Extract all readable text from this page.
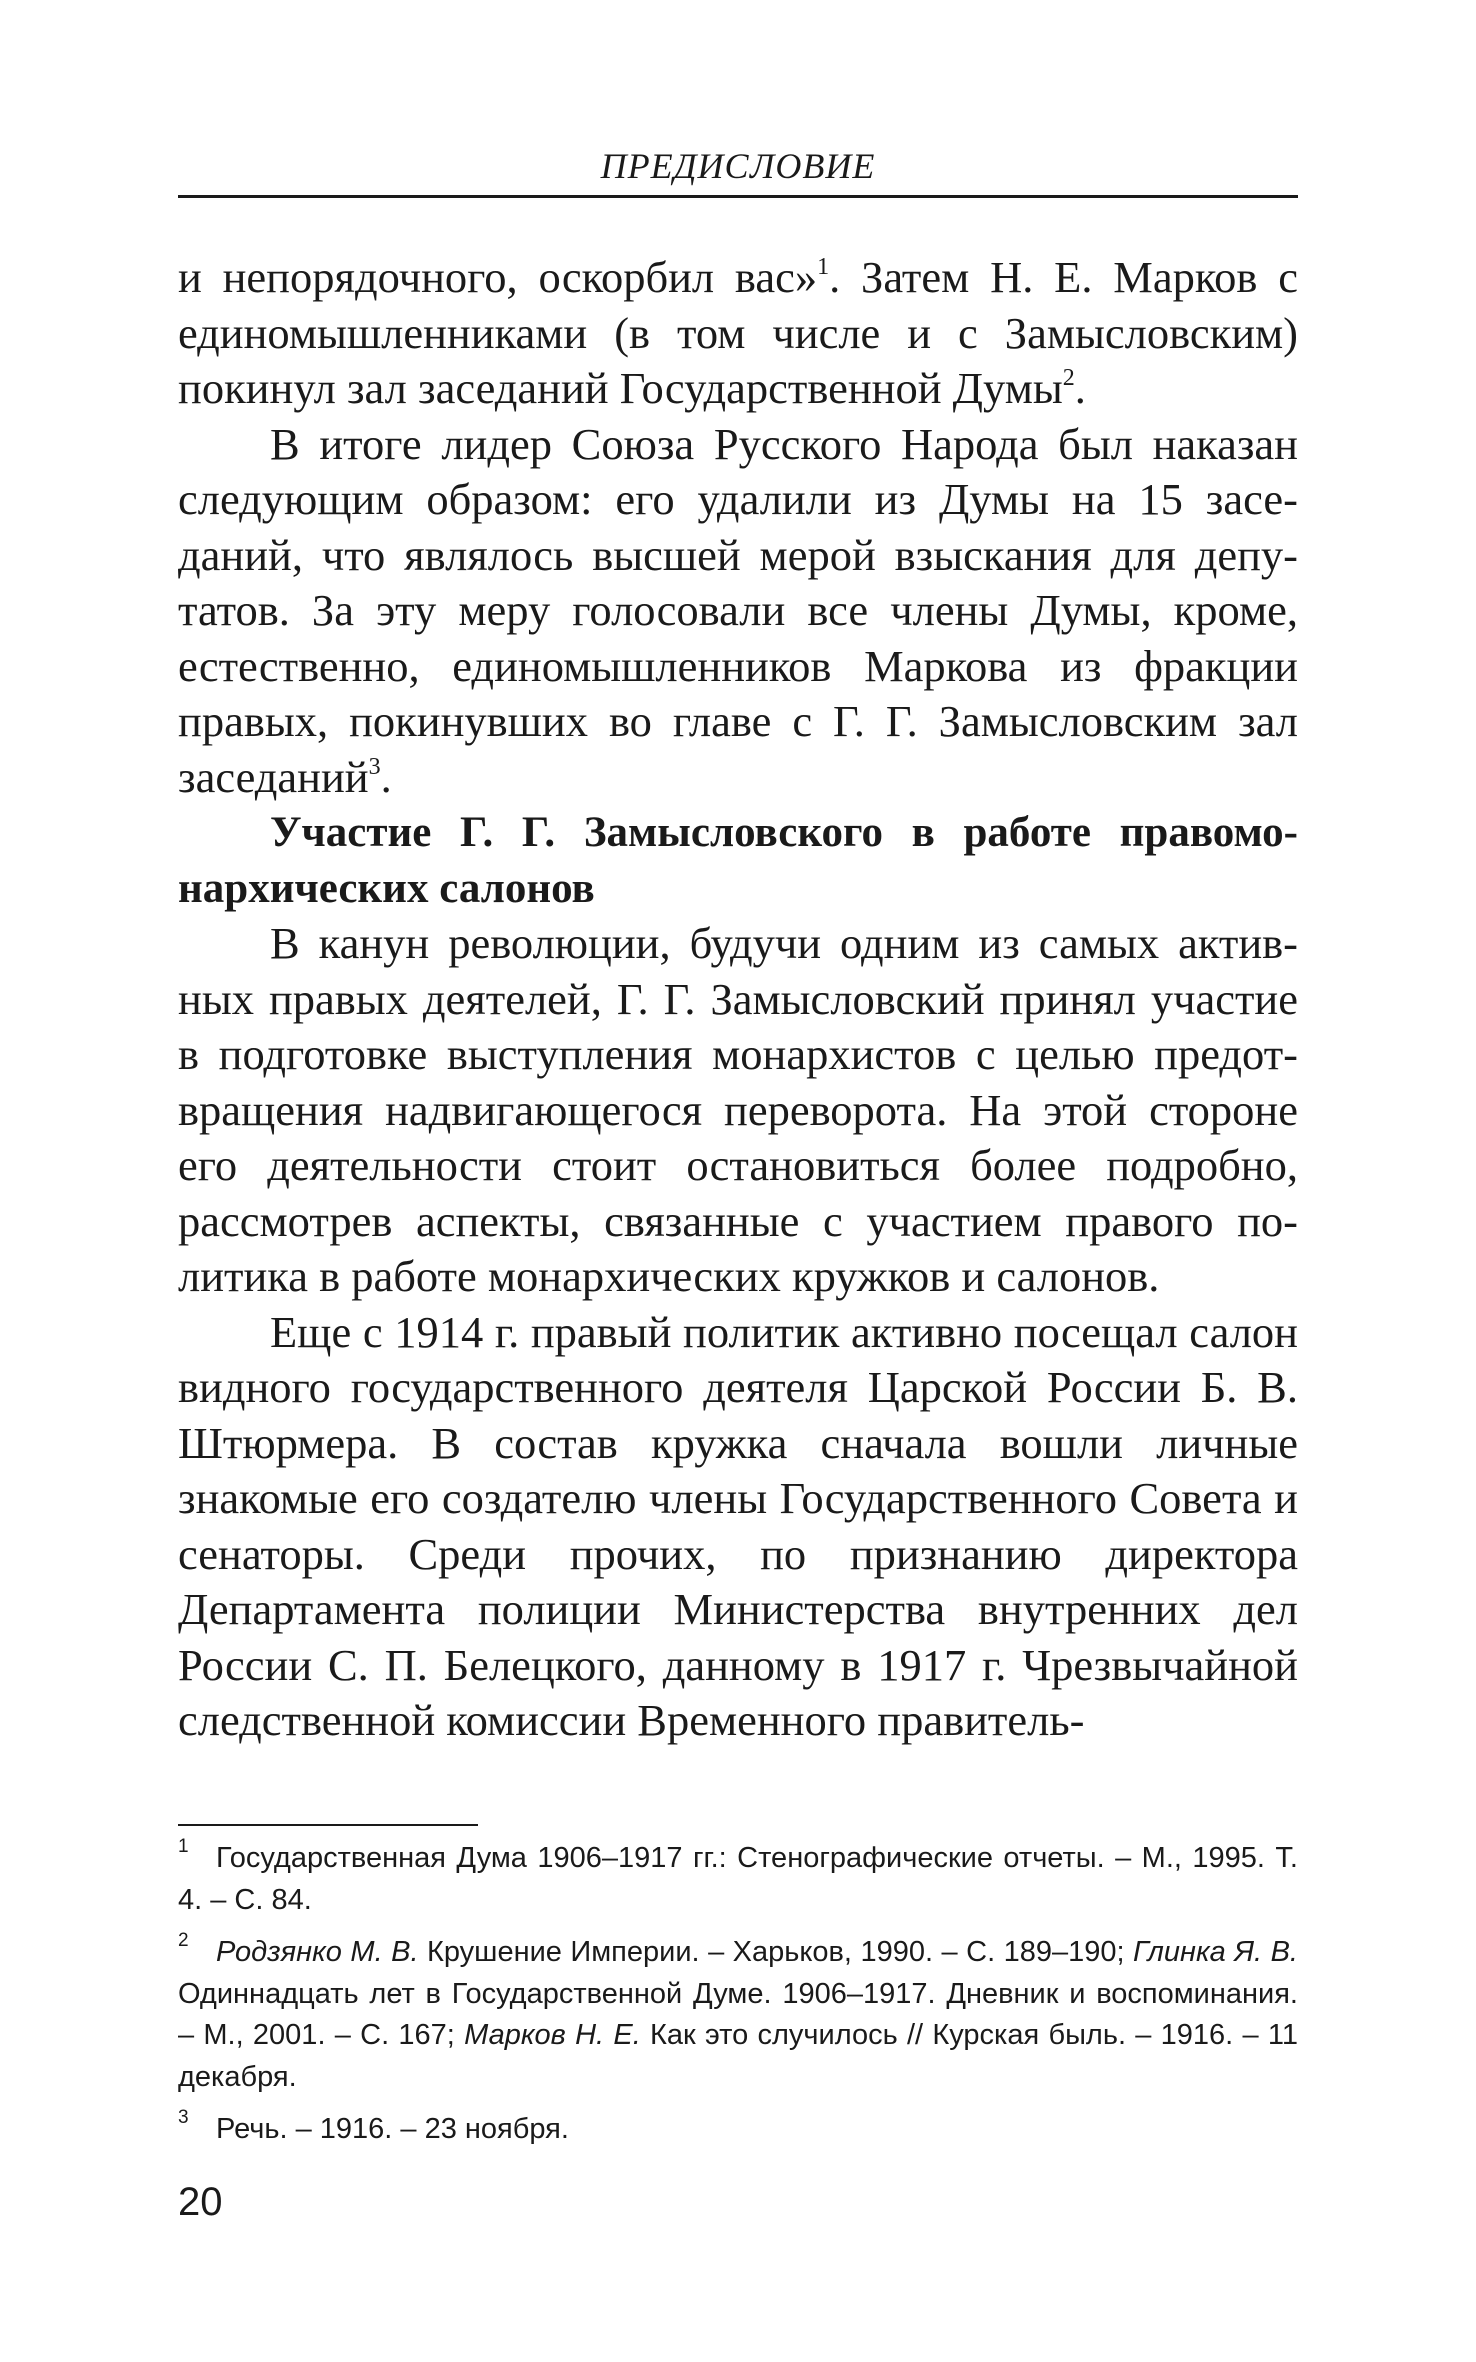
ПРЕДИСЛОВИЕ

и непорядочного, оскорбил вас»$^1$. Затем Н. Е. Марков с единомышленниками (в том числе и с Замысловским) покинул зал заседаний Государственной Думы$^2$.

В итоге лидер Союза Русского Народа был наказан следующим образом: его удалили из Думы на 15 заседаний, что являлось высшей мерой взыскания для депутатов. За эту меру голосовали все члены Думы, кроме, естественно, единомышленников Маркова из фракции правых, покинувших во главе с Г. Г. Замысловским зал заседаний$^3$.

Участие Г. Г. Замысловского в работе правомонархических салонов

В канун революции, будучи одним из самых активных правых деятелей, Г. Г. Замысловский принял участие в подготовке выступления монархистов с целью предотвращения надвигающегося переворота. На этой стороне его деятельности стоит остановиться более подробно, рассмотрев аспекты, связанные с участием правого политика в работе монархических кружков и салонов.

Еще с 1914 г. правый политик активно посещал салон видного государственного деятеля Царской России Б. В. Штюрмера. В состав кружка сначала вошли личные знакомые его создателю члены Государственного Совета и сенаторы. Среди прочих, по признанию директора Департамента полиции Министерства внутренних дел России С. П. Белецкого, данному в 1917 г. Чрезвычайной следственной комиссии Временного правитель-

1 Государственная Дума 1906–1917 гг.: Стенографические отчеты. – М., 1995. Т. 4. – С. 84.

2 Родзянко М. В. Крушение Империи. – Харьков, 1990. – С. 189–190; Глинка Я. В. Одиннадцать лет в Государственной Думе. 1906–1917. Дневник и воспоминания. – М., 2001. – С. 167; Марков Н. Е. Как это случилось // Курская быль. – 1916. – 11 декабря.

3 Речь. – 1916. – 23 ноября.

20
